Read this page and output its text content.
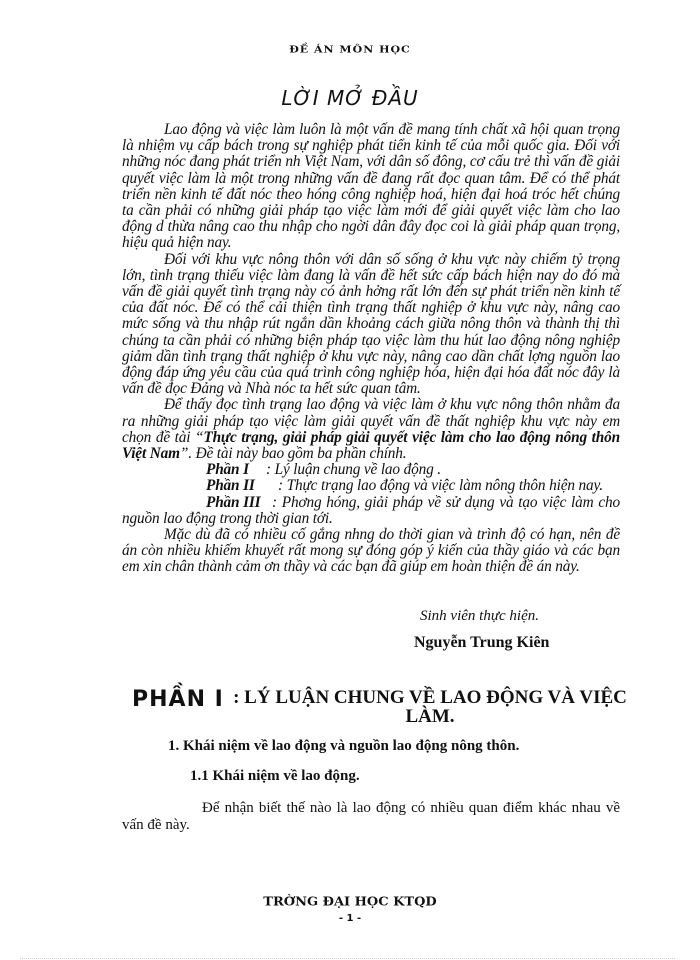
ĐỀ ÁN MÔN HỌC
LỜI MỞ ĐẦU

Lao động và việc làm luôn là một vấn đề mang tính chất xã hội quan trọng là nhiệm vụ cấp bách trong sự nghiệp phát tiển kinh tế của mỗi quốc gia. Đối với những nóc đang phát triển nh Việt Nam, với dân số đông, cơ cấu trẻ thì vấn đề giải quyết việc làm là một trong những vấn đề đang rất đọc quan tâm. Để có thể phát triển nền kinh tế đất nóc theo hóng công nghiệp hoá, hiện đại hoá tróc hết chúng ta cần phải có những giải pháp tạo việc làm mới để giải quyết việc làm cho lao động d thừa nâng cao thu nhập cho ngời dân đây đọc coi là giải pháp quan trọng, hiệu quả hiện nay.

Đối với khu vực nông thôn với dân số sống ở khu vực này chiếm tỷ trọng lớn, tình trạng thiếu việc làm đang là vấn đề hết sức cấp bách hiện nay do đó mà vấn đề giải quyết tình trạng này có ảnh hởng rất lớn đến sự phát triển nền kinh tế của đất nóc. Để có thể cải thiện tình trạng thất nghiệp ở khu vực này, nâng cao mức sống và thu nhập rút ngắn dần khoảng cách giữa nông thôn và thành thị thì chúng ta cần phải có những biện pháp tạo việc làm thu hút lao động nông nghiệp giảm dần tình trạng thất nghiệp ở khu vực này, nâng cao dần chất lợng nguồn lao động đáp ứng yêu cầu của quá trình công nghiệp hóa, hiện đại hóa đất nóc đây là vấn đề đọc Đảng và Nhà nóc ta hết sức quan tâm.

Để thấy đọc tình trạng lao động và việc làm ở khu vực nông thôn nhằm đa ra những giải pháp tạo việc làm giải quyết vấn đề thất nghiệp khu vực này em chọn đề tài “Thực trạng, giải pháp giải quyết việc làm cho lao động nông thôn Việt Nam”. Đề tài này bao gồm ba phần chính.

Phần I : Lý luận chung về lao động .

Phần II : Thực trạng lao động và việc làm nông thôn hiện nay.

Phần III : Phơng hóng, giải pháp về sử dụng và tạo việc làm cho nguồn lao động trong thời gian tới.

Mặc dù đã có nhiều cố gắng nhng do thời gian và trình độ có hạn, nên đề án còn nhiều khiếm khuyết rất mong sự đóng góp ý kiến của thầy giáo và các bạn em xin chân thành cảm ơn thầy và các bạn đã giúp em hoàn thiện đề án này.

Sinh viên thực hiện.
Nguyễn Trung Kiên
PHẦN I : LÝ LUẬN CHUNG VỀ LAO ĐỘNG VÀ VIỆC LÀM.
1. Khái niệm về lao động và nguồn lao động nông thôn.
1.1 Khái niệm về lao động.

Để nhận biết thế nào là lao động có nhiều quan điểm khác nhau về vấn đề này.

TRỜNG ĐẠI HỌC KTQD
- 1 -
